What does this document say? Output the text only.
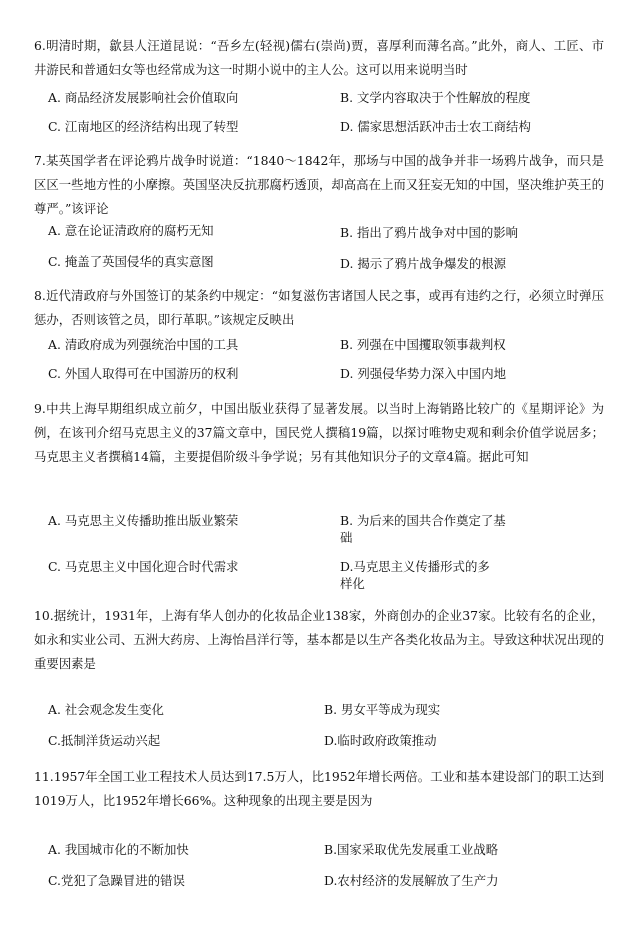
6.明清时期，歙县人汪道昆说：“吾乡左(轻视)儒右(崇尚)贾，喜厚利而薄名高。”此外，商人、工匠、市井游民和普通妇女等也经常成为这一时期小说中的主人公。这可以用来说明当时
A. 商品经济发展影响社会价值取向	B. 文学内容取决于个性解放的程度
C. 江南地区的经济结构出现了转型	D. 儒家思想活跃冲击士农工商结构
7.某英国学者在评论鸦片战争时说道：“1840～1842年，那场与中国的战争并非一场鸦片战争，而只是区区一些地方性的小摩擦。英国坚决反抗那腐朽透顶，却高高在上而又狂妄无知的中国，坚决维护英王的尊严。”该评论
A. 意在论证清政府的腐朽无知	B. 指出了鸦片战争对中国的影响
C. 掩盖了英国侵华的真实意图	D. 揭示了鸦片战争爆发的根源
8.近代清政府与外国签订的某条约中规定：“如复滋伤害诸国人民之事，或再有违约之行，必须立时弹压惩办，否则该管之员，即行革职。”该规定反映出
A. 清政府成为列强统治中国的工具	B. 列强在中国攫取领事裁判权
C. 外国人取得可在中国游历的权利	D. 列强侵华势力深入中国内地
9.中共上海早期组织成立前夕，中国出版业获得了显著发展。以当时上海销路比较广的《星期评论》为例，在该刊介绍马克思主义的37篇文章中，国民党人撰稿19篇，以探讨唯物史观和剩余价值学说居多；马克思主义者撰稿14篇，主要提倡阶级斗争学说；另有其他知识分子的文章4篇。据此可知
A. 马克思主义传播助推出版业繁荣	B. 为后来的国共合作奠定了基
础
C. 马克思主义中国化迎合时代需求	D.马克思主义传播形式的多
样化
10.据统计，1931年，上海有华人创办的化妆品企业138家，外商创办的企业37家。比较有名的企业，如永和实业公司、五洲大药房、上海怡昌洋行等，基本都是以生产各类化妆品为主。导致这种状况出现的重要因素是
A. 社会观念发生变化	B. 男女平等成为现实
C.抵制洋货运动兴起	D.临时政府政策推动
11.1957年全国工业工程技术人员达到17.5万人，比1952年增长两倍。工业和基本建设部门的职工达到1019万人，比1952年增长66%。这种现象的出现主要是因为
A. 我国城市化的不断加快	B.国家采取优先发展重工业战略
C.党犯了急躁冒进的错误	D.农村经济的发展解放了生产力
